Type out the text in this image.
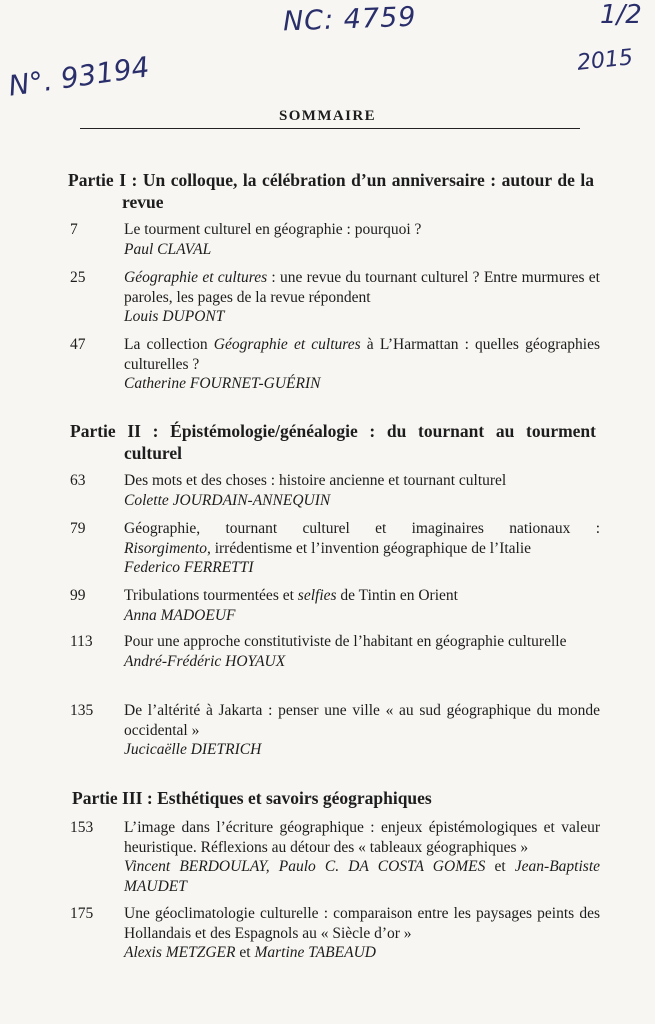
NC: 4759	1/2
2015
N°. 93194
SOMMAIRE
Partie I : Un colloque, la célébration d’un anniversaire : autour de la revue
7	Le tourment culturel en géographie : pourquoi ?
Paul CLAVAL
25	Géographie et cultures : une revue du tournant culturel ? Entre murmures et paroles, les pages de la revue répondent
Louis DUPONT
47	La collection Géographie et cultures à L’Harmattan : quelles géographies culturelles ?
Catherine FOURNET-GUÉRIN
Partie II : Épistémologie/généalogie : du tournant au tourment culturel
63	Des mots et des choses : histoire ancienne et tournant culturel
Colette JOURDAIN-ANNEQUIN
79	Géographie, tournant culturel et imaginaires nationaux :
Risorgimento, irrédentisme et l’invention géographique de l’Italie
Federico FERRETTI
99	Tribulations tourmentées et selfies de Tintin en Orient
Anna MADOEUF
113	Pour une approche constitutiviste de l’habitant en géographie culturelle
André-Frédéric HOYAUX
135	De l’altérité à Jakarta : penser une ville « au sud géographique du monde occidental »
Jucicaëlle DIETRICH
Partie III : Esthétiques et savoirs géographiques
153	L’image dans l’écriture géographique : enjeux épistémologiques et valeur heuristique. Réflexions au détour des « tableaux géographiques »
Vincent BERDOULAY, Paulo C. DA COSTA GOMES et Jean-Baptiste MAUDET
175	Une géoclimatologie culturelle : comparaison entre les paysages peints des Hollandais et des Espagnols au « Siècle d’or »
Alexis METZGER et Martine TABEAUD
